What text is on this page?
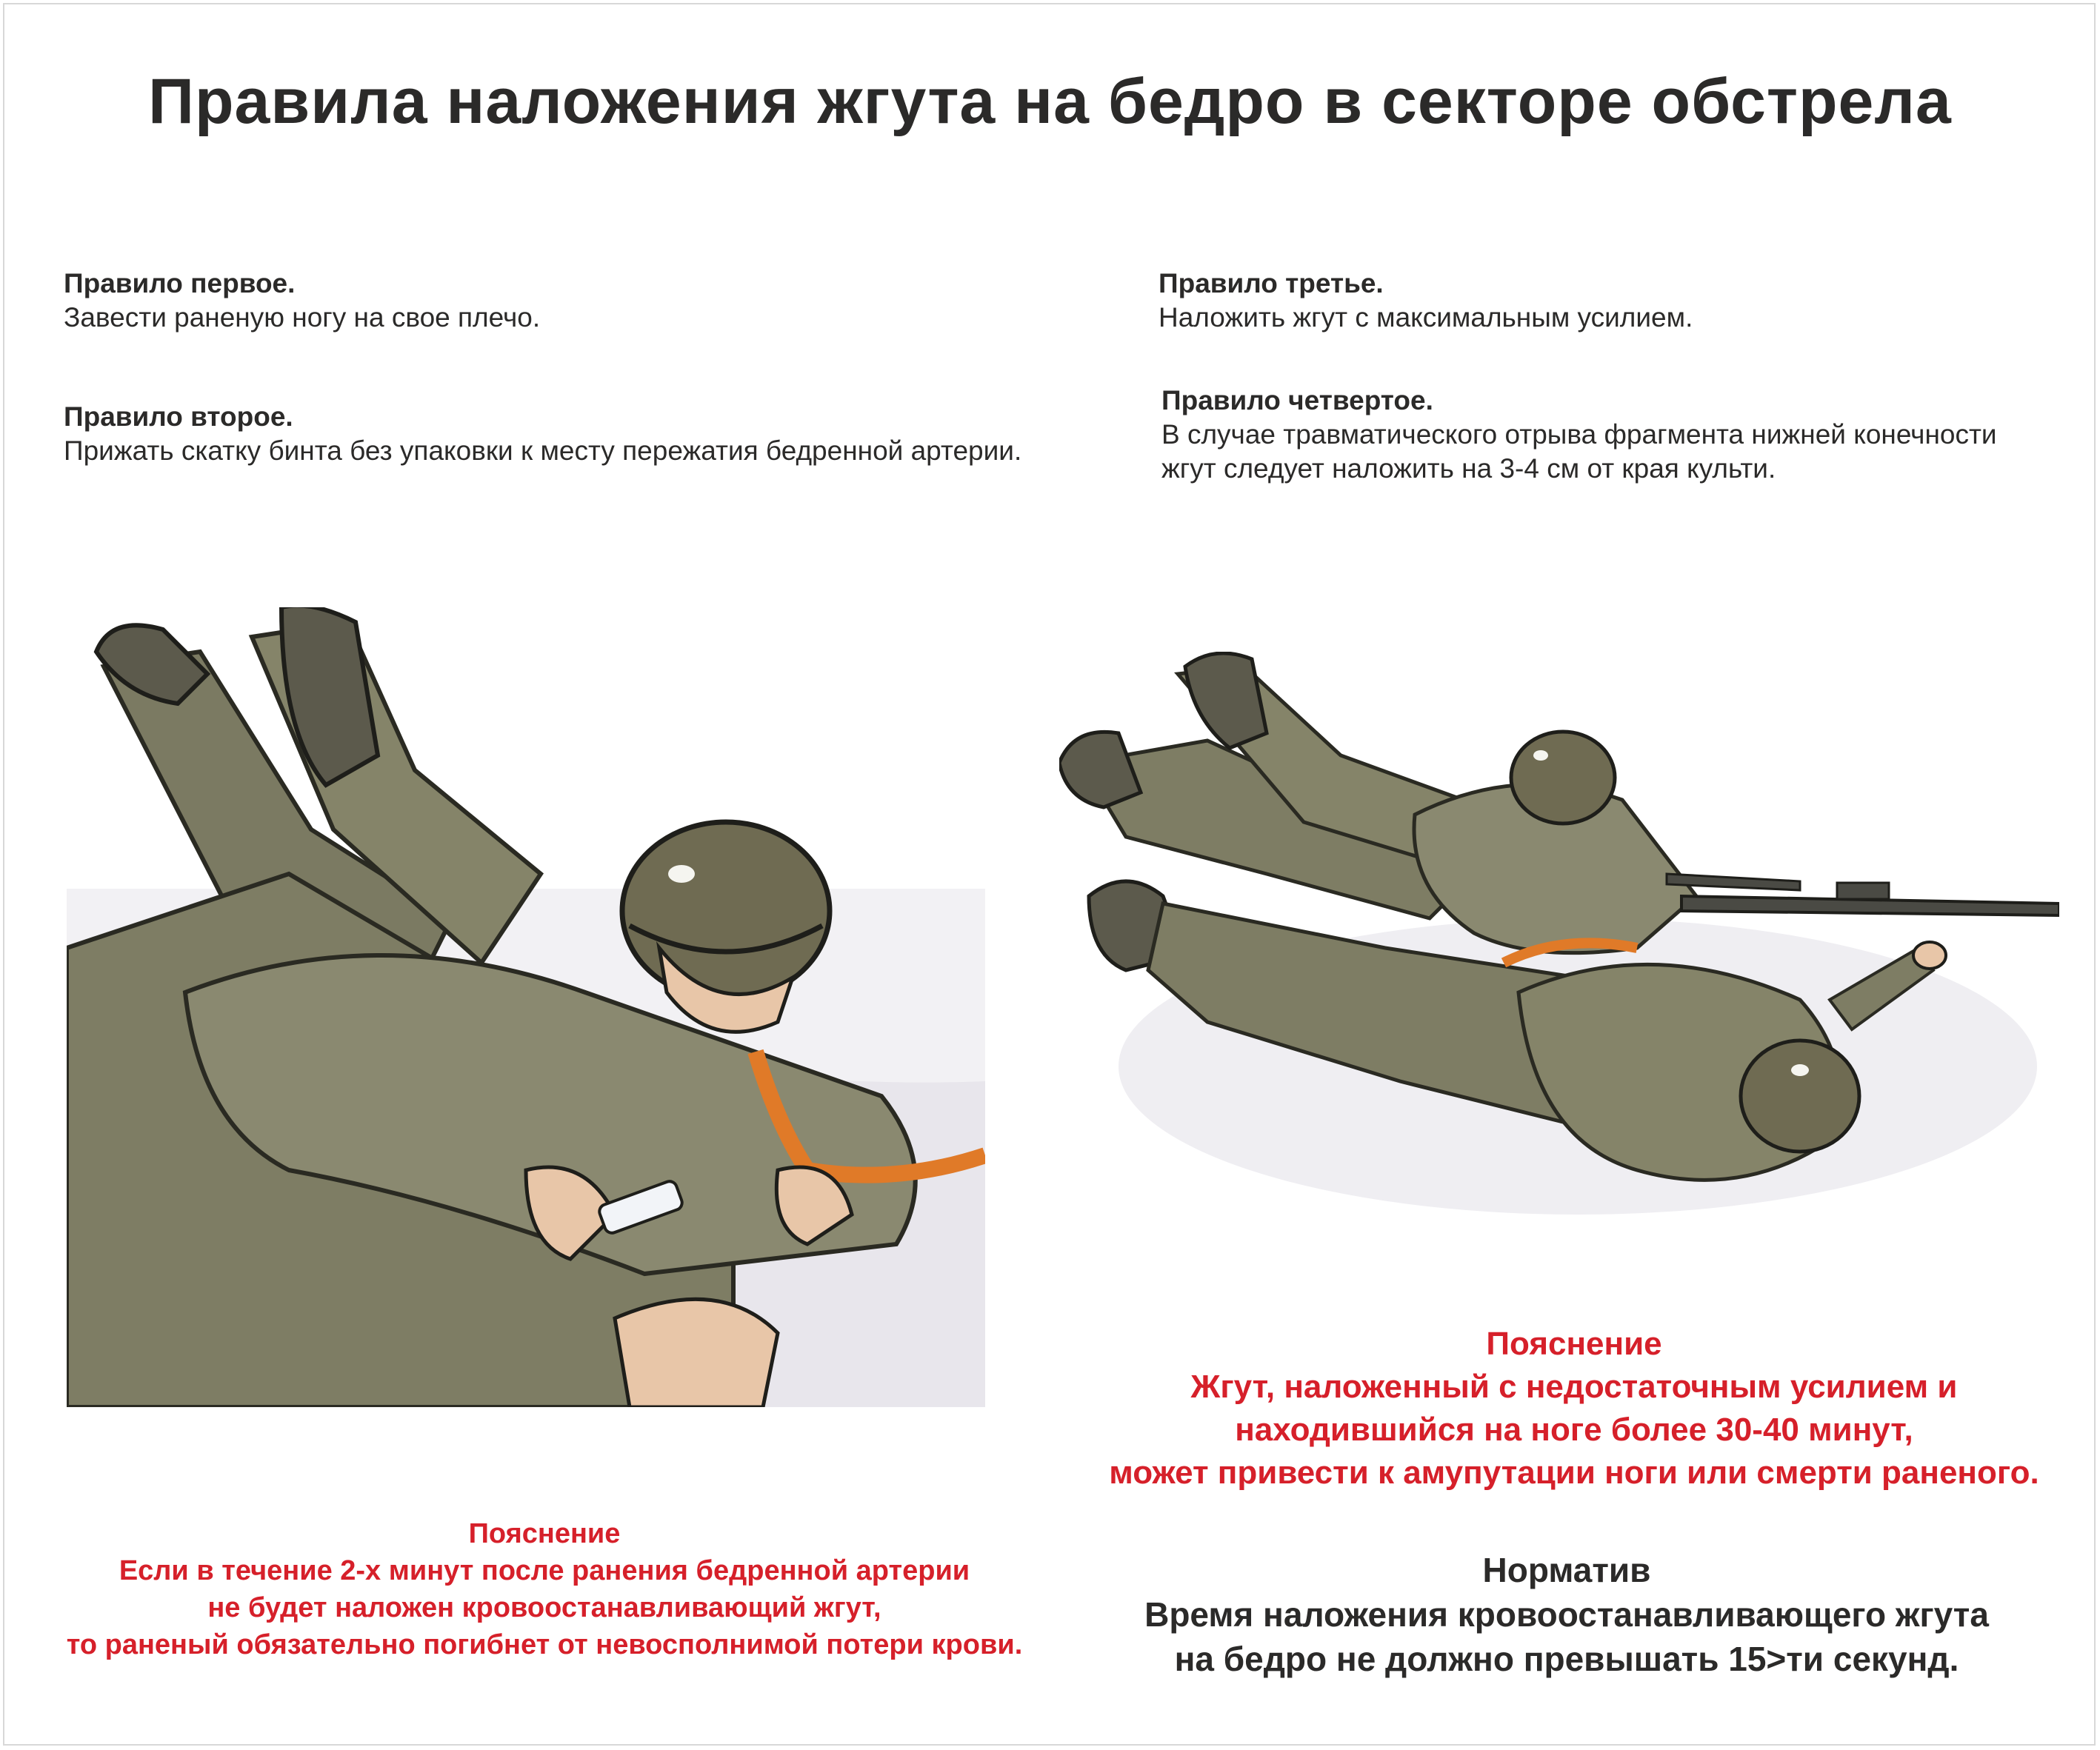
Правила наложения жгута на бедро в секторе обстрела
Правило первое.
Завести раненую ногу на свое плечо.
Правило второе.
Прижать скатку бинта без упаковки к месту пережатия бедренной артерии.
Правило третье.
Наложить жгут с максимальным усилием.
Правило четвертое.
В случае травматического отрыва фрагмента нижней конечности
жгут следует наложить на 3-4 см от края культи.
Пояснение
Если в течение 2-х минут после ранения бедренной артерии
не будет наложен кровоостанавливающий жгут,
то раненый обязательно погибнет от невосполнимой потери крови.
Пояснение
Жгут, наложенный с недостаточным усилием и
находившийся на ноге более 30-40 минут,
может привести к амупутации ноги или смерти раненого.
Норматив
Время наложения кровоостанавливающего жгута
на бедро не должно превышать 15>ти секунд.
